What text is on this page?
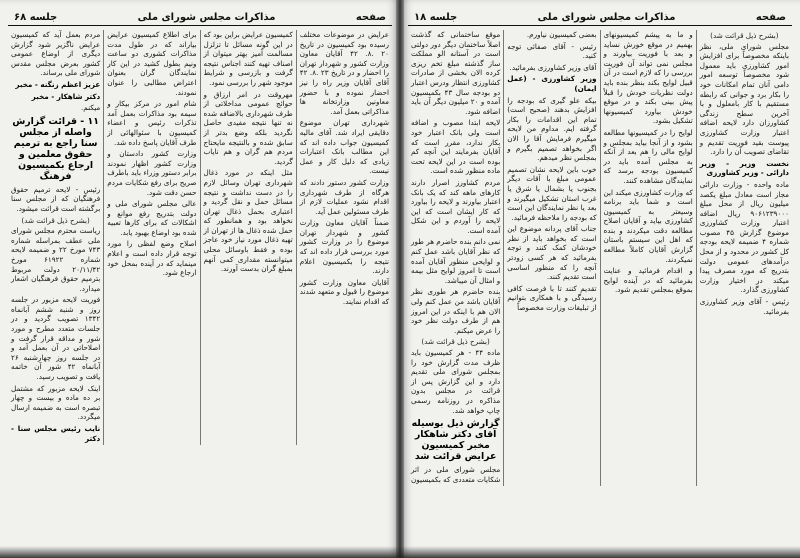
صفحه
مذاکرات مجلس شورای ملی
جلسه ۱۸
(بشرح ذیل قرائت شد)
مجلس شورای ملی، نظر باینکه مخصوصاً برای افزایش امور کشاورزی باید معمول شود مخصوصاً توسعه امور دامی آنان تمام امکانات خود را بکار برد و جوانی که رابطه مستقیم با کار بامعلول و با آخرین سطح زندگی کشاورزان دارد لایحه اضافه اعتبار وزارت کشاورزی پیوست بقید فوریت تقدیم و تقاضای تصویب آن را دارد.
نخست وزیر - وزیر دارائی - وزیر کشاورزی
ماده واحده - وزارت دارائی مجاز است معادل مبلغ یکصد میلیون ریال از محل مبلغ ۹۰۶۱۲۳۹۰۰۰ ریال اضافه اعتبار وزارت کشاورزی موضوع گزارش ۴۵ مصوب شماره ۴ ضمیمه لایحه بودجه کل کشور در محدود و از محل درآمدهای عمومی دولت بتدریج که مورد مصرف پیدا میکند در اختیار وزارت کشاورزی گذارد.
رئیس - آقای وزیر کشاورزی بفرمائید.
و ما به پیشم کمیسیونهای بهمیم در موقع خورش نساید و بعد با فوریت بیاورند و مجلس نمی تواند آن فوریت بررسی را که لازم است در آن قبیل لوایح بکند بنظر بنده باید دولت نظریات خودش را قبلاً پیش بینی بکند و در موقع خودش بیاورد کمیسیونها تشکیل بشود.
لوایح را در کمیسیونها مطالعه بشود و از آنجا بیاید بمجلس و لوایح مالی را هم بعد از آنکه به مجلس آمده باید در کمیسیون بودجه برسد که نمایندگان مشاهده کنند.
که وزارت کشاورزی میکند این است و شما باید برنامه وسیعتر به کمیسیون کشاورزی بیاید و آقایان اصلاح مطالعه دقت میکردند و بنده که اهل این سیستم باستان گزارش آقایان کاملاً مطالعه نمیکردند.
و اقدام فرمائید و عنایت بفرمائید که در آینده لوایح بموقع بمجلس تقدیم شود.
بعضی کمیسیون نیاورم.
رئیس - آقای صفائی توجه کنید.
آقای وزیر کشاورزی بفرمائید.
وزیر کشاورزی - (عمل ایمان)
بیکه علو گیری که بودجه را افزایش بدهند (صحیح است) تمام این اقدامات را بکار گرفته ایم. مداوم من لایحه میگیرم فرمایش آقا را الان اگر بخواهد تصمیم بگیرم و بمجلس نظر میدهم.
خوب باین لایحه نشان تصمیم عمومی مبلغ با آقات دیگر بجنوب یا بشمال یا شرق یا غرب استان تشکیل میگیرند و بعد یا نظر نمایندگان این است که بودجه را ملاحظه فرمائید.
جناب آقای پردانه موضوع این است که بخواهد باید از نظر خودشان کمک کنند و توجه بفرمائید که هر کسی زودتر آنچه را که منظور اساسی است تقدیم کنند.
تقدیم کنند تا با فرصت کافی رسیدگی و با همکاری بتوانیم از تبلیغات وزارت مخصوصاً
موقع ساختمانی که گذشت اصلاً ساختمان دیگر دور دولتی است در آستانه الو مملکت ساز گذشته مبلغ تخم ریزی کرده الان بخشی از صادرات کشاورزی انتظار ودرس اعتبار دو بودجه سال ۴۳ بکمیسیون آمده و ۲۰ میلیون دیگر آن باید اضافه شود.
لایحه ابتدا مصوب و اضافه است ولی بانک اعتبار خود بکار ندارد، مقرر است که آقایان بفرمایند این آنچه کم بوده است در این لایحه تحت ماده منظور شده است.
مردم کشاورز اصرار دارند کارهای ماهه کند که یک بانک اعتبار بیاورند و لایحه را بیاورد که کار ایشان است که این لایحه را آوردم و این شکل آمده است.
نمی دانم بنده حاضرم هر طور که نظر آقایان باشد عمل کنم و لوایحی منظور آقایان آمده است تا امروز لوایح مثل بیمه و امثال آن میباشد.
بنده حاضرم هر طوری نظر آقایان باشد من عمل کنم ولی الان هم با اینکه در این امروز هم از طرف دولت نظر خود را عرض میکنم.
(بشرح ذیل قرائت شد)
ماده ۴۴ - هر کمیسیون باید ظرف مدت گزارش خود را بمجلس شورای ملی تقدیم دارد و این گزارش پس از قرائت در مجلس بدون مذاکره در روزنامه رسمی چاپ خواهد شد.
گزارش ذیل بوسیله آقای دکتر شاهکار مخبر کمیسیون عرایض قرائت شد
مجلس شورای ملی در اثر شکایات متعددی که بکمیسیون
صفحه
مذاکرات مجلس شورای ملی
جلسه ۶۸
عرایض در موضوعات مختلف رسیده بود کمیسیون در تاریخ ۲۰ .۸. ۴۲ آقایان معاون وزارت کشور و شهردار تهران را احضار و در تاریخ ۲۳ .۸. ۴۲ آقای آقایان وزیر راه را نیز احضار نموده و با حضور معاونین وزارتخانه ها مذاکراتی بعمل آمد.
شهرداری تهران موضوع دقایقی ایراد شد. آقای مالیه کمیسیون جواب داده اند که این مطالب بانک اعتبارات زیادی که دلیل کار و عمل نیست.
وزارت کشور دستور دادند که هرگاه از طرف شهرداری اقدام نشود عملیات لازم از طرف مسئولین عمل آید.
ضمناً آقایان معاون وزارت کشور و شهردار تهران موضوع را در وزارت کشور مورد بررسی قرار داده اند که نتیجه را بکمیسیون اعلام دارند.
آقایان معاون وزارت کشور موضوع را قبول و متعهد شدند که اقدام نمایند.
کمیسیون عرایض براین بود که در این گونه مسائل تا تزلزل مسالمت آمیز بهتر میتوان از اصناف تهیه کنند اجناس نتیجه گرفت و بازرسی و شرایط موجود شهر را بررسی نمود.
مهروقت در امر ارزاق و حوائج عمومی مداخلاتی از طرف شهرداری بالاضافه شده نه تنها نتیجه مفیدی حاصل نگردید بلکه وضع بدتر از سابق شده و بالنتیجه مایحتاج مردم هم گران و هم نایاب گردید.
مثل اینکه در مورد ذغال شهرداری تهران وسائل لازم را در دست نداشت و نتیجه مسائل حمل و نقل گردید و اعتباری بحمل ذغال تهران نخواهد بود و همانطور که حمل شده ذغال ها از تهران از تهیه ذغال مورد نیاز خود عاجز بوده و فقط باوسائل محلی میتوانسته مقداری کمی آنهم بمبلغ گران بدست آورند.
برای اطلاع کمیسیون عرایض بیاراند که در طول مدت مذاکرات کشوری دو ساعت ونیم بطول کشید در این کار نمایندگان گران بعنوان اعتراض مطالبی را عنوان نمودند.
شام امور در مرکز بیکار و سیمه بود مذاکرات بعمل آمد تذکرات رئیس و اعضاء کمیسیون با سئوالهائی از طرف آقایان پاسخ داده شد.
وزارت کشور دادستان و وزارت کشور اظهار نمودند برابر دستور وزراء باید باطرف صریح برای رفع شکایات مردم حسن دقت شود.
عالی مجلس شورای ملی و دولت بتدریج رفع موانع و اشکالات که برای کارها تعبیه شده بود اوضاع بهبود یابد.
اصلاح وضع لفظی را مورد توجه قرار داده است و اعلام مینماید که در آینده بمحل خود ارجاع شود.
مردم بعمل آید که کمیسیون عرایض ناگزیر شود گزارش دیگری از اوضاع عمومی کشور بعرض مجلس مقدس شورای ملی برساند.
عزیز اعظم زنگنه - مخبر
دکتر شاهکار - مخبر
میکنم.
۱۱ - قرائت گزارش واصله از مجلس سنا راجع به ترمیم حقوق معلمین و ارجاع بکمیسیون فرهنگ
رئیس - لایحه ترمیم حقوق فرهنگیان که از مجلس سنا برگشته است قرائت میشود.
(بشرح ذیل قرائت شد)
ریاست محترم مجلس شورای ملی عطف بمراسله شماره ۷۴۳ مورخ ۲۲ و ضمیمه لایحه شماره ۶۱۹۲۲ مورخ ۲۰/۱۱/۴۲ دولت مربوط بترمیم حقوق فرهنگیان اشعار میدارد.
فوریت لایحه مزبور در جلسه روز و شنبه ششم آبانماه ۱۳۴۲ تصویب گردید و در جلسات متعدد مطرح و مورد شور و مداقه قرار گرفت و اصلاحاتی در آن بعمل آمد و در جلسه روز چهارشنبه ۲۶ آبانماه ۴۲ شور آن خاتمه یافت و تصویب رسید.
اینک لایحه مزبور که مشتمل بر ده ماده و بیست و چهار تبصره است به ضمیمه ارسال میگردد.
نایب رئیس مجلس سنا - دکتر
